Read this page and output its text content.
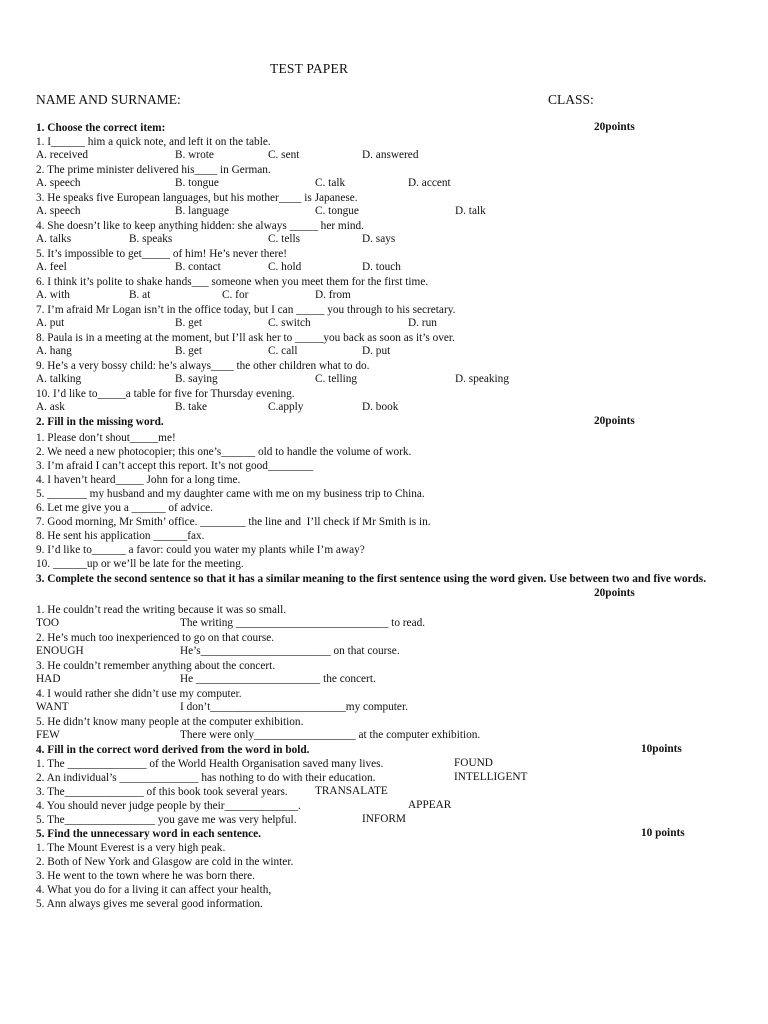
TEST PAPER
NAME AND SURNAME:	CLASS:
1. Choose the correct item:	20points
1. I______ him a quick note, and left it on the table.
A. received	B. wrote	C. sent	D. answered
2. The prime minister delivered his____ in German.
A. speech	B. tongue	C. talk	D. accent
3. He speaks five European languages, but his mother____ is Japanese.
A. speech	B. language	C. tongue	D. talk
4. She doesn’t like to keep anything hidden: she always _____ her mind.
A. talks	B. speaks	C. tells	D. says
5. It’s impossible to get_____ of him! He’s never there!
A. feel	B. contact	C. hold	D. touch
6. I think it’s polite to shake hands___ someone when you meet them for the first time.
A. with	B. at	C. for	D. from
7. I’m afraid Mr Logan isn’t in the office today, but I can _____ you through to his secretary.
A. put	B. get	C. switch	D. run
8. Paula is in a meeting at the moment, but I’ll ask her to _____you back as soon as it’s over.
A. hang	B. get	C. call	D. put
9. He’s a very bossy child: he’s always____ the other children what to do.
A. talking	B. saying	C. telling	D. speaking
10. I’d like to_____a table for five for Thursday evening.
A. ask	B. take	C.apply	D. book
2. Fill in the missing word.	20points
1. Please don’t shout_____me!
2. We need a new photocopier; this one’s______ old to handle the volume of work.
3. I’m afraid I can’t accept this report. It’s not good________
4. I haven’t heard_____ John for a long time.
5. _______ my husband and my daughter came with me on my business trip to China.
6. Let me give you a ______ of advice.
7. Good morning, Mr Smith’ office. ________ the line and  I’ll check if Mr Smith is in.
8. He sent his application ______fax.
9. I’d like to______ a favor: could you water my plants while I’m away?
10. ______up or we’ll be late for the meeting.
3. Complete the second sentence so that it has a similar meaning to the first sentence using the word given. Use between two and five words.
20points
1. He couldn’t read the writing because it was so small.
TOO	The writing ___________________________ to read.
2. He’s much too inexperienced to go on that course.
ENOUGH	He’s_______________________ on that course.
3. He couldn’t remember anything about the concert.
HAD	He ______________________ the concert.
4. I would rather she didn’t use my computer.
WANT	I don’t________________________my computer.
5. He didn’t know many people at the computer exhibition.
FEW	There were only__________________ at the computer exhibition.
4. Fill in the correct word derived from the word in bold.	10points
1. The ______________ of the World Health Organisation saved many lives.	FOUND
2. An individual’s ______________ has nothing to do with their education.	INTELLIGENT
3. The______________ of this book took several years. TRANSALATE
4. You should never judge people by their_____________.	APPEAR
5. The________________ you gave me was very helpful.	INFORM
5. Find the unnecessary word in each sentence.	10 points
1. The Mount Everest is a very high peak.
2. Both of New York and Glasgow are cold in the winter.
3. He went to the town where he was born there.
4. What you do for a living it can affect your health,
5. Ann always gives me several good information.
